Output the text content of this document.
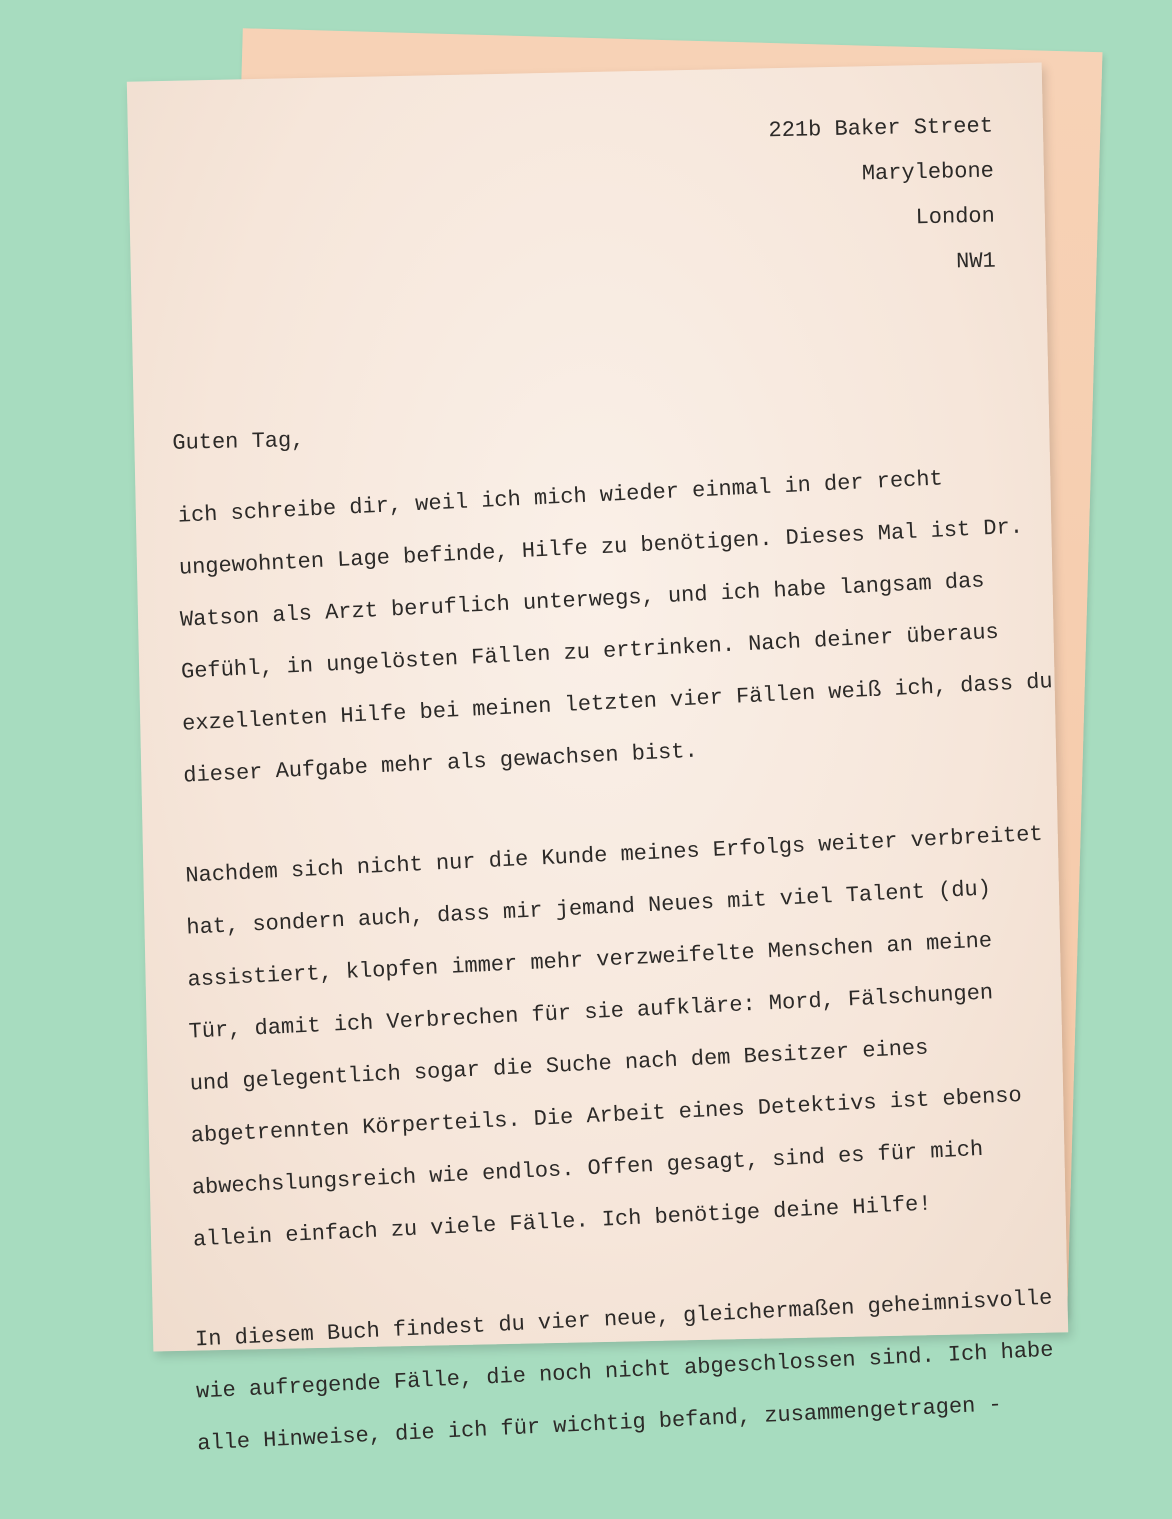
221b Baker Street
Marylebone
London
NW1
Guten Tag,
ich schreibe dir, weil ich mich wieder einmal in der recht
ungewohnten Lage befinde, Hilfe zu benötigen. Dieses Mal ist Dr.
Watson als Arzt beruflich unterwegs, und ich habe langsam das
Gefühl, in ungelösten Fällen zu ertrinken. Nach deiner überaus
exzellenten Hilfe bei meinen letzten vier Fällen weiß ich, dass du
dieser Aufgabe mehr als gewachsen bist.
Nachdem sich nicht nur die Kunde meines Erfolgs weiter verbreitet
hat, sondern auch, dass mir jemand Neues mit viel Talent (du)
assistiert, klopfen immer mehr verzweifelte Menschen an meine
Tür, damit ich Verbrechen für sie aufkläre: Mord, Fälschungen
und gelegentlich sogar die Suche nach dem Besitzer eines
abgetrennten Körperteils. Die Arbeit eines Detektivs ist ebenso
abwechslungsreich wie endlos. Offen gesagt, sind es für mich
allein einfach zu viele Fälle. Ich benötige deine Hilfe!
In diesem Buch findest du vier neue, gleichermaßen geheimnisvolle
wie aufregende Fälle, die noch nicht abgeschlossen sind. Ich habe
alle Hinweise, die ich für wichtig befand, zusammengetragen -
